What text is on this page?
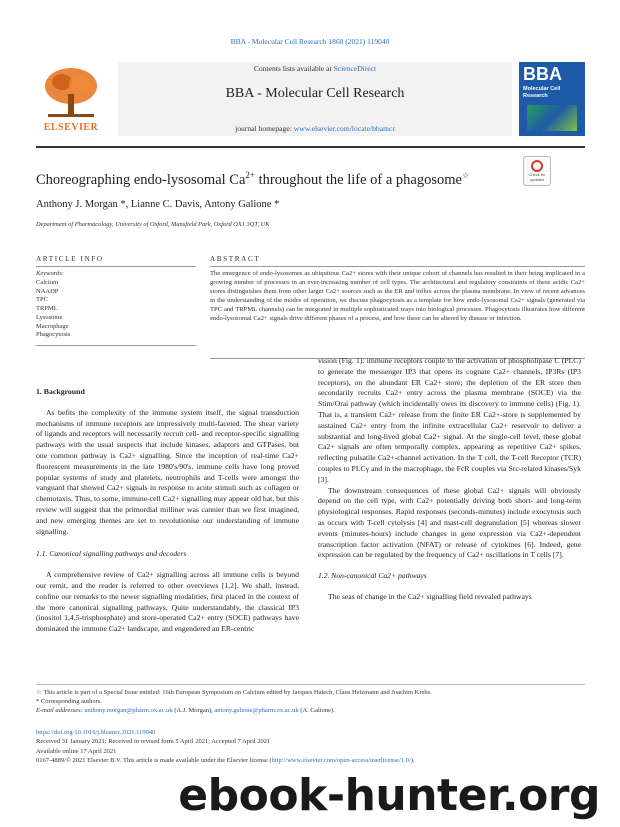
BBA - Molecular Cell Research 1868 (2021) 119040
ELSEVIER
Contents lists available at ScienceDirect
BBA - Molecular Cell Research
journal homepage: www.elsevier.com/locate/bbamcr
BBA
Molecular Cell Research
Choreographing endo-lysosomal $Ca^{2+}$ throughout the life of a phagosome☆	Check for updates
Anthony J. Morgan *, Lianne C. Davis, Antony Galione *
Department of Pharmacology, University of Oxford, Mansfield Park, Oxford OX1 3QT, UK
ARTICLE INFO	ABSTRACT
Keywords:
Calcium
NAADP
TPC
TRPML
Lysosome
Macrophage
Phagocytosis
The emergence of endo-lysosomes as ubiquitous Ca2+ stores with their unique cohort of channels has resulted in their being implicated in a growing number of processes in an ever-increasing number of cell types. The architectural and regulatory constraints of these acidic Ca2+ stores distinguishes them from other larger Ca2+ sources such as the ER and influx across the plasma membrane. In view of recent advances in the understanding of the modes of operation, we discuss phagocytosis as a template for how endo-lysosomal Ca2+ signals (generated via TPC and TRPML channels) can be integrated in multiple sophisticated ways into biological processes. Phagocytosis illustrates how different endo-lysosomal Ca2+ signals drive different phases of a process, and how these can be altered by disease or infection.
1. Background

As befits the complexity of the immune system itself, the signal transduction mechanisms of immune receptors are impressively multi-faceted. The shear variety of ligands and receptors will necessarily recruit cell- and receptor-specific signalling pathways with the usual suspects that include kinases, adaptors and GTPases, but one common pathway is Ca2+ signalling. Since the inception of real-time Ca2+ fluorescent measurements in the late 1980's/90's, immune cells have long proved popular systems of study and platelets, neutrophils and T-cells were amongst the vanguard that showed Ca2+ signals in response to acute stimuli such as collagen or chemotaxis. Thus, to some, immune-cell Ca2+ signalling may appear old hat, but this review will suggest that the primordial milliner was cannier than we first imagined, and new emerging themes are set to revolutionise our understanding of immune signalling.

1.1. Canonical signalling pathways and decoders

A comprehensive review of Ca2+ signalling across all immune cells is beyond our remit, and the reader is referred to other overviews [1,2]. We shall, instead, confine our remarks to the newer signalling modalities, first placed in the context of the more canonical signalling pathways. Quite understandably, the classical IP3 (inositol 1,4,5-trisphosphate) and store-operated Ca2+ entry (SOCE) pathways have dominated the immune Ca2+ landscape, and engendered an ER-centric

vision (Fig. 1): immune receptors couple to the activation of phospholipase C (PLC) to generate the messenger IP3 that opens its cognate Ca2+ channels, IP3Rs (IP3 receptors), on the abundant ER Ca2+ store; the depletion of the ER store then secondarily recruits Ca2+ entry across the plasma membrane (SOCE) via the Stim/Orai pathway (which incidentally owes its discovery to immune cells) (Fig. 1). That is, a transient Ca2+ release from the finite ER Ca2+-store is supplemented by sustained Ca2+ entry from the infinite extracellular Ca2+ reservoir to deliver a substantial and long-lived global Ca2+ signal. At the single-cell level, these global Ca2+ signals are often temporally complex, appearing as repetitive Ca2+ spikes, reflecting pulsatile Ca2+-channel activation. In the T cell, the T-cell Receptor (TCR) couples to PLCγ and in the macrophage, the FcR couples via Src-related kinases/Syk [3].

The downstream consequences of these global Ca2+ signals will obviously depend on the cell type, with Ca2+ potentially driving both short- and long-term physiological responses. Rapid responses (seconds-minutes) include exocytosis such as occurs with T-cell cytolysis [4] and mast-cell degranulation [5] whereas slower events (minutes-hours) include changes in gene expression via Ca2+-dependent transcription factor activation (NFAT) or release of cytokines [6]. Indeed, gene expression can be regulated by the frequency of Ca2+ oscillations in T cells [7].

1.2. Non-canonical Ca2+ pathways

The seas of change in the Ca2+ signalling field revealed pathways

☆ This article is part of a Special Issue entitled: 16th European Symposium on Calcium edited by Jacques Haiech, Claus Heizmann and Joachim Krebs.
* Corresponding authors.
E-mail addresses: anthony.morgan@pharm.ox.ac.uk (A.J. Morgan), antony.galione@pharm.ox.ac.uk (A. Galione).
https://doi.org/10.1016/j.bbamcr.2021.119040
Received 31 January 2021; Received in revised form 5 April 2021; Accepted 7 April 2021
Available online 17 April 2021
0167-4889/© 2021 Elsevier B.V. This article is made available under the Elsevier license (http://www.elsevier.com/open-access/userlicense/1.0/).
ebook-hunter.org
